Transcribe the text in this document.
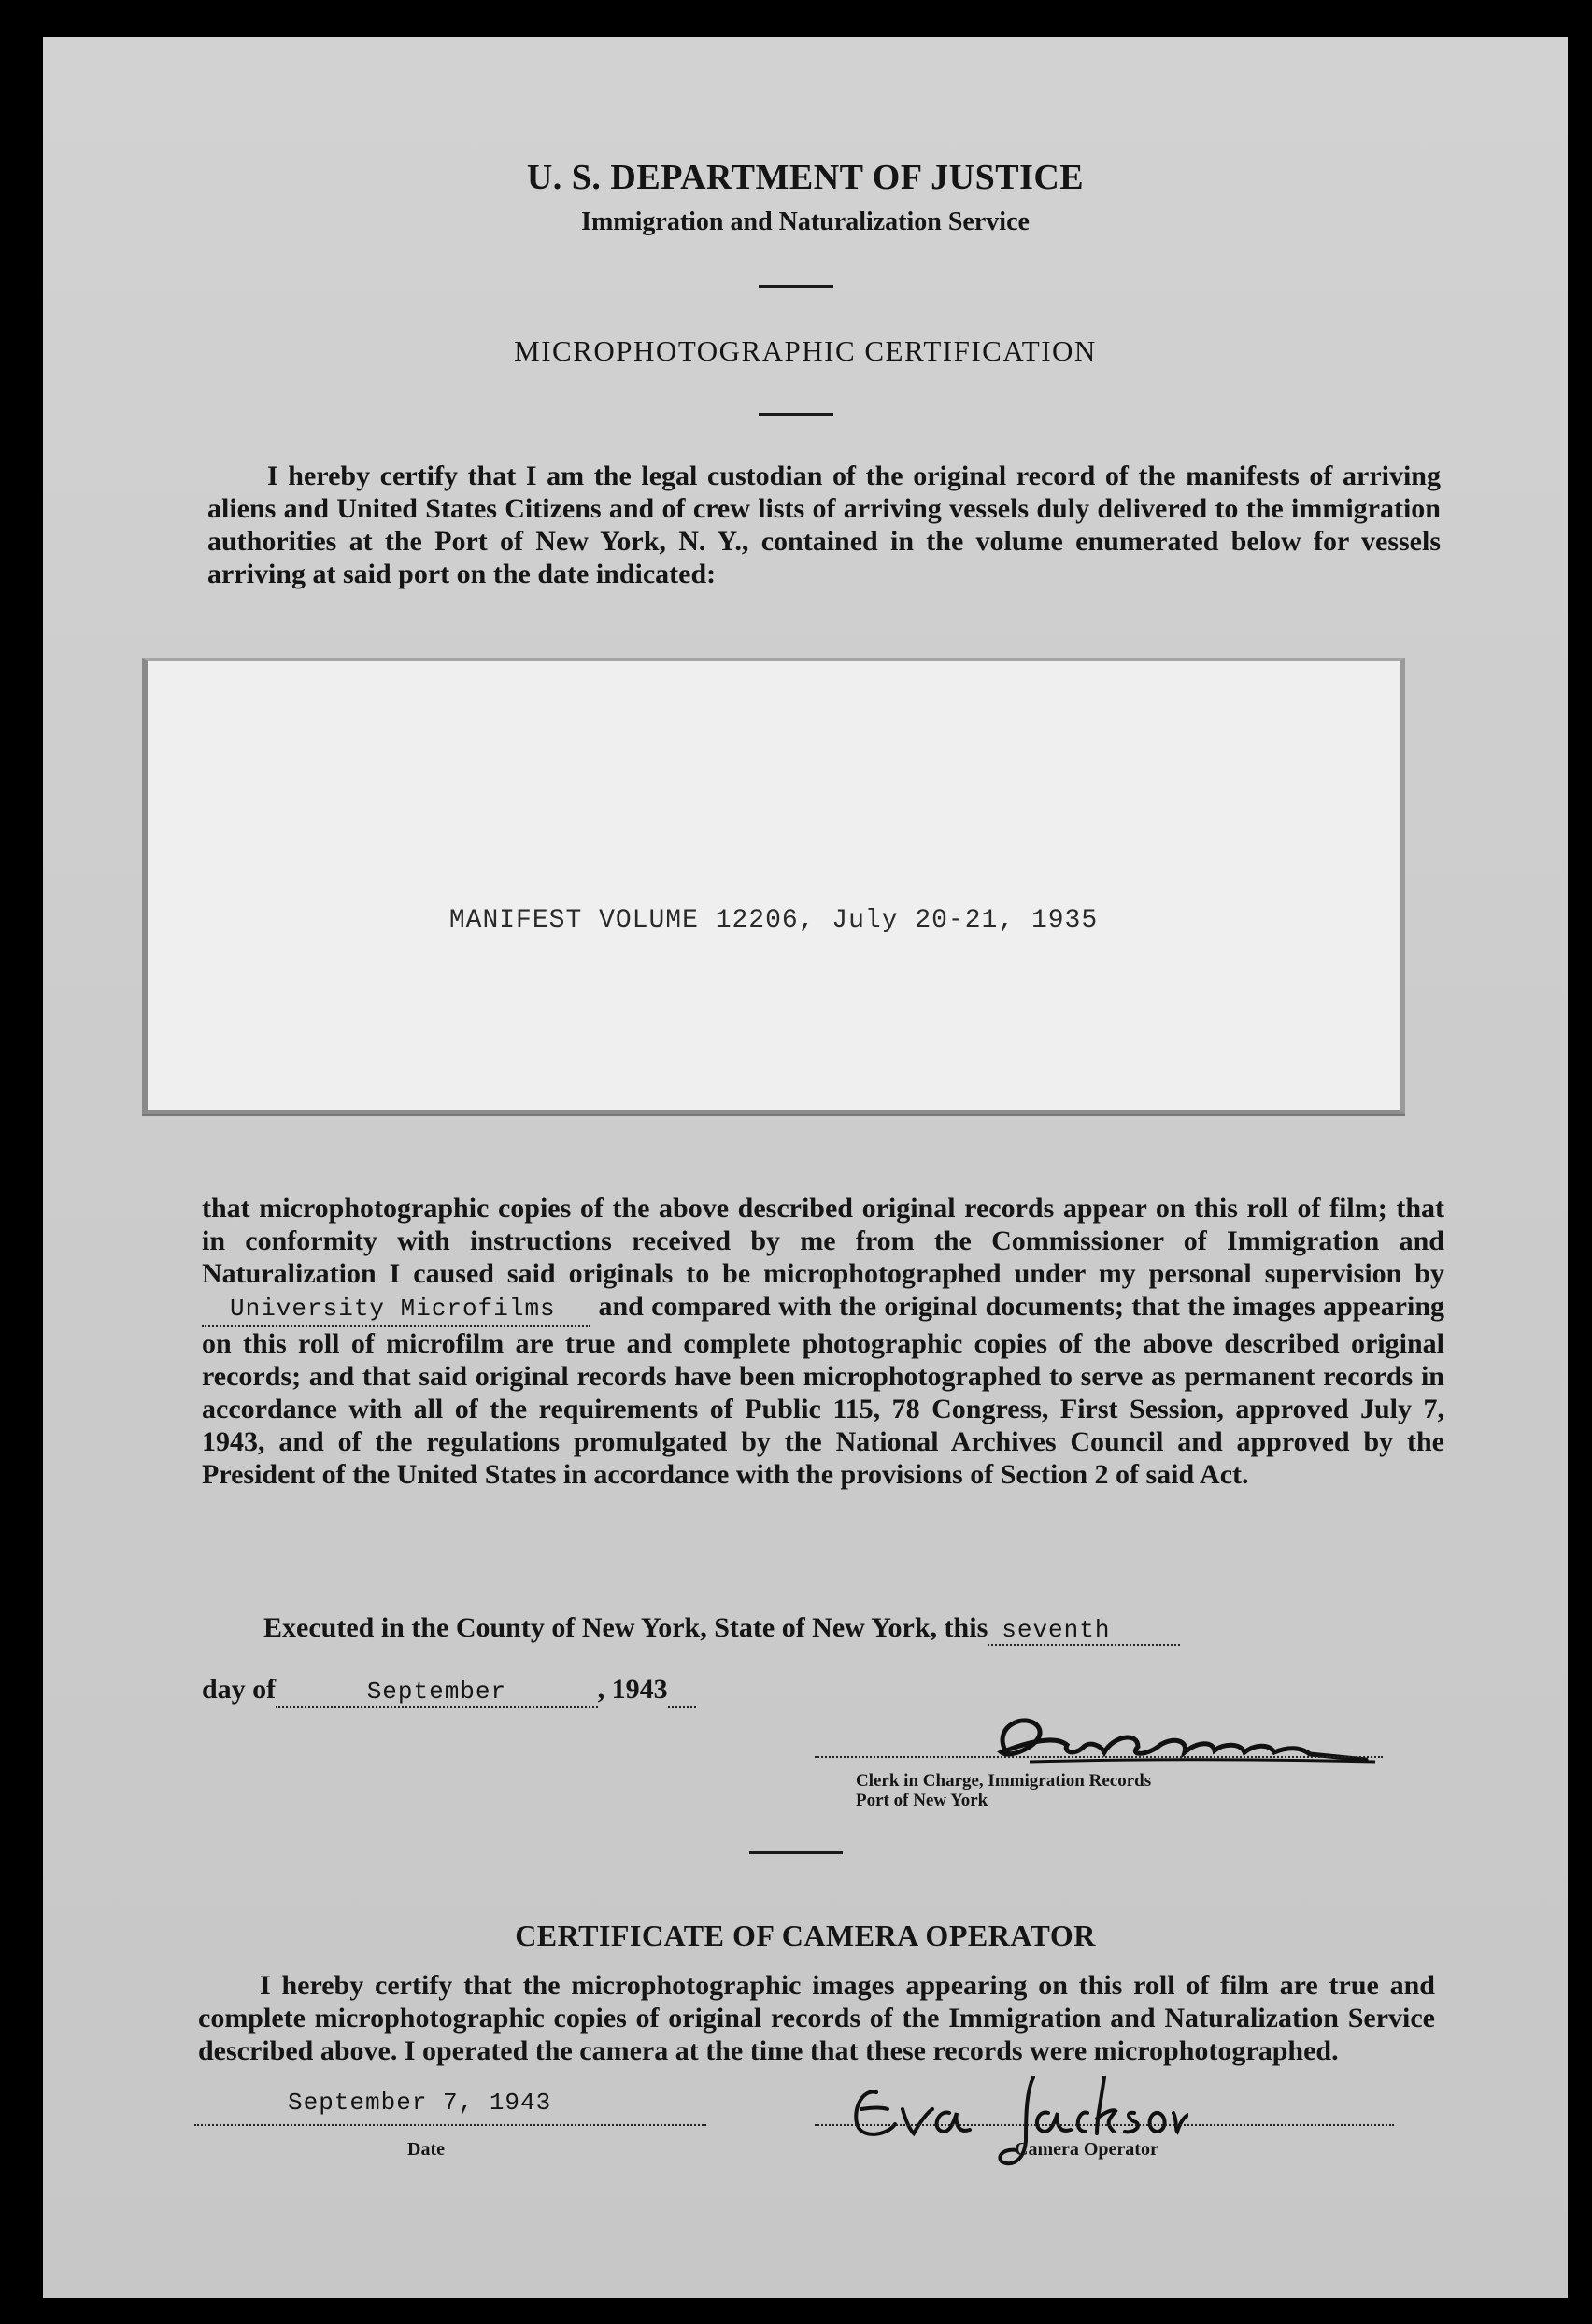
U. S. DEPARTMENT OF JUSTICE
Immigration and Naturalization Service
MICROPHOTOGRAPHIC CERTIFICATION
I hereby certify that I am the legal custodian of the original record of the manifests of arriving aliens and United States Citizens and of crew lists of arriving vessels duly delivered to the immigration authorities at the Port of New York, N. Y., contained in the volume enumerated below for vessels arriving at said port on the date indicated:
MANIFEST VOLUME 12206, July 20-21, 1935
that microphotographic copies of the above described original records appear on this roll of film; that in conformity with instructions received by me from the Commissioner of Immigration and Naturalization I caused said originals to be microphotographed under my personal supervision by     University Microfilms and compared with the original documents; that the images appearing on this roll of microfilm are true and complete photographic copies of the above described original records; and that said original records have been microphotographed to serve as permanent records in accordance with all of the requirements of Public 115, 78 Congress, First Session, approved July 7, 1943, and of the regulations promulgated by the National Archives Council and approved by the President of the United States in accordance with the provisions of Section 2 of said Act.
Executed in the County of New York, State of New York, this seventh
day of	September	, 1943
Clerk in Charge, Immigration Records
Port of New York
CERTIFICATE OF CAMERA OPERATOR
I hereby certify that the microphotographic images appearing on this roll of film are true and complete microphotographic copies of original records of the Immigration and Naturalization Service described above. I operated the camera at the time that these records were microphotographed.
September 7, 1943
Date	Camera Operator
